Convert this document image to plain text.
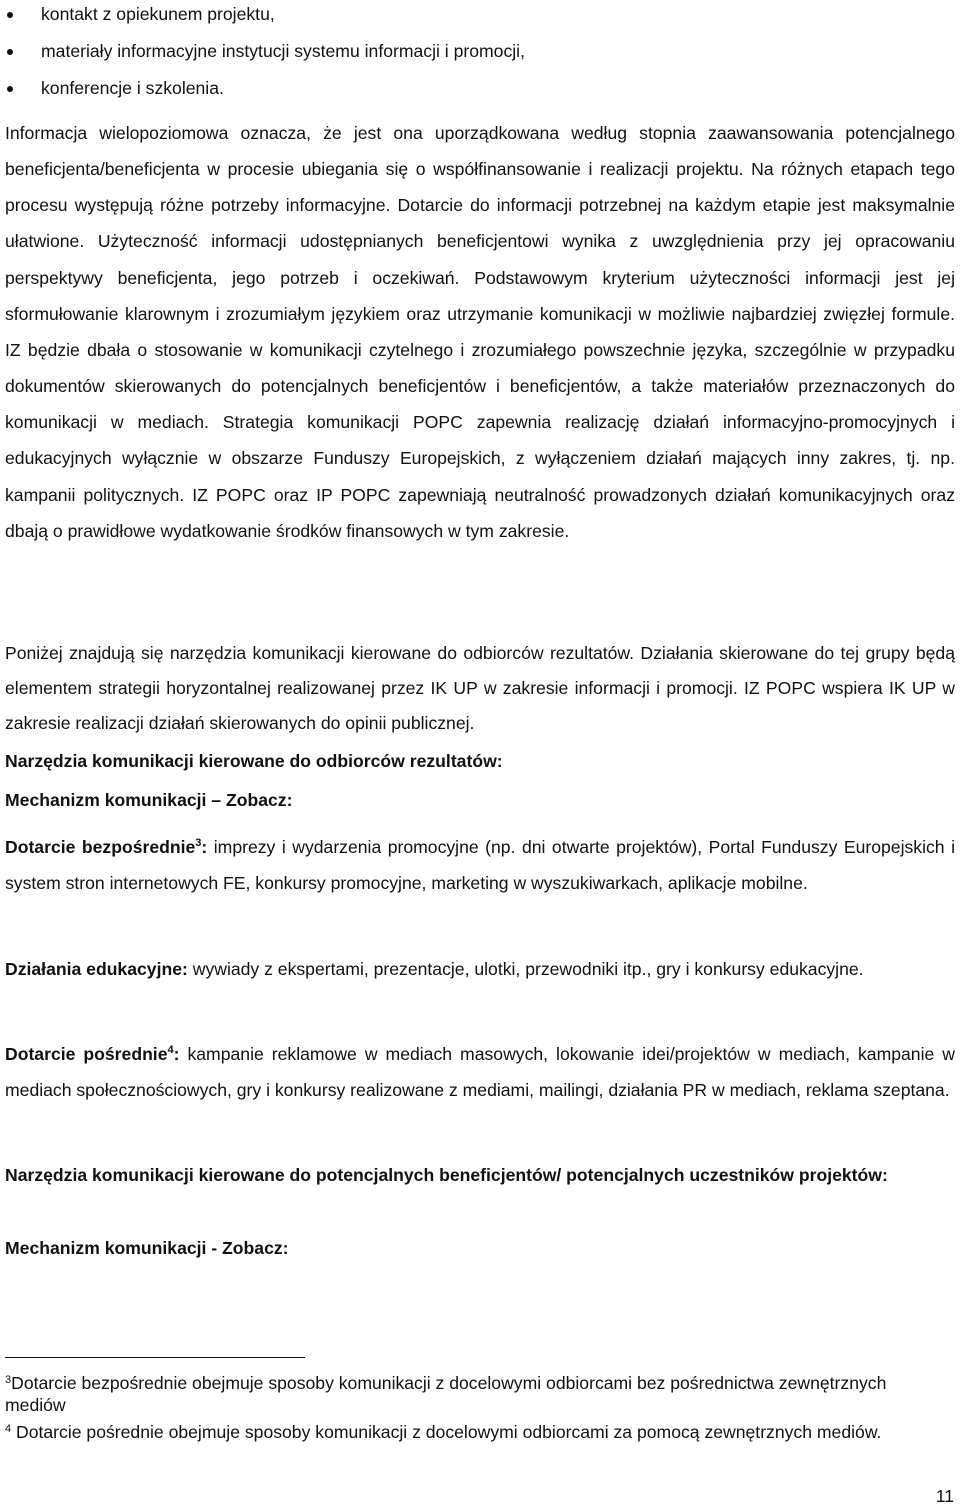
kontakt z opiekunem projektu,
materiały informacyjne instytucji systemu informacji i promocji,
konferencje i szkolenia.

Informacja wielopoziomowa oznacza, że jest ona uporządkowana według stopnia zaawansowania potencjalnego beneficjenta/beneficjenta w procesie ubiegania się o współfinansowanie i realizacji projektu. Na różnych etapach tego procesu występują różne potrzeby informacyjne. Dotarcie do informacji potrzebnej na każdym etapie jest maksymalnie ułatwione. Użyteczność informacji udostępnianych beneficjentowi wynika z uwzględnienia przy jej opracowaniu perspektywy beneficjenta, jego potrzeb i oczekiwań. Podstawowym kryterium użyteczności informacji jest jej sformułowanie klarownym i zrozumiałym językiem oraz utrzymanie komunikacji w możliwie najbardziej zwięzłej formule. IZ będzie dbała o stosowanie w komunikacji czytelnego i zrozumiałego powszechnie języka, szczególnie w przypadku dokumentów skierowanych do potencjalnych beneficjentów i beneficjentów, a także materiałów przeznaczonych do komunikacji w mediach. Strategia komunikacji POPC zapewnia realizację działań informacyjno-promocyjnych i edukacyjnych wyłącznie w obszarze Funduszy Europejskich, z wyłączeniem działań mających inny zakres, tj. np. kampanii politycznych. IZ POPC oraz IP POPC zapewniają neutralność prowadzonych działań komunikacyjnych oraz dbają o prawidłowe wydatkowanie środków finansowych w tym zakresie.

Poniżej znajdują się narzędzia komunikacji kierowane do odbiorców rezultatów. Działania skierowane do tej grupy będą elementem strategii horyzontalnej realizowanej przez IK UP w zakresie informacji i promocji. IZ POPC wspiera IK UP w zakresie realizacji działań skierowanych do opinii publicznej.

Narzędzia komunikacji kierowane do odbiorców rezultatów:

Mechanizm komunikacji – Zobacz:

Dotarcie bezpośrednie$^3$: imprezy i wydarzenia promocyjne (np. dni otwarte projektów), Portal Funduszy Europejskich i system stron internetowych FE, konkursy promocyjne, marketing w wyszukiwarkach, aplikacje mobilne.

Działania edukacyjne: wywiady z ekspertami, prezentacje, ulotki, przewodniki itp., gry i konkursy edukacyjne.

Dotarcie pośrednie$^4$: kampanie reklamowe w mediach masowych, lokowanie idei/projektów w mediach, kampanie w mediach społecznościowych, gry i konkursy realizowane z mediami, mailingi, działania PR w mediach, reklama szeptana.

Narzędzia komunikacji kierowane do potencjalnych beneficjentów/ potencjalnych uczestników projektów:

Mechanizm komunikacji - Zobacz:

$^3$Dotarcie bezpośrednie obejmuje sposoby komunikacji z docelowymi odbiorcami bez pośrednictwa zewnętrznych mediów

$^4$ Dotarcie pośrednie obejmuje sposoby komunikacji z docelowymi odbiorcami za pomocą zewnętrznych mediów.

11
